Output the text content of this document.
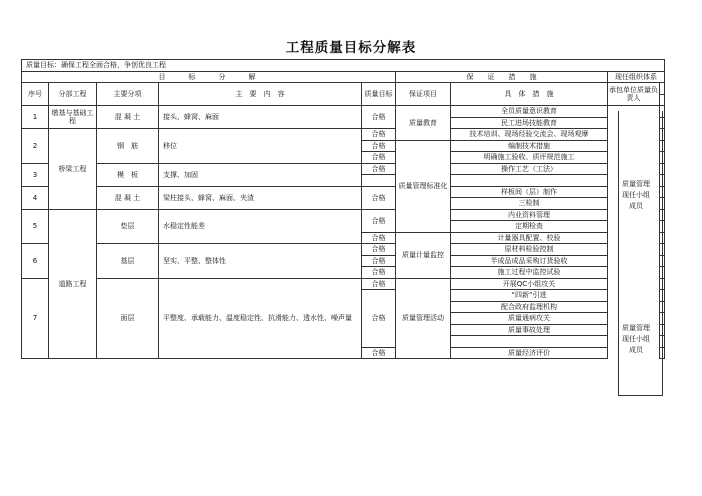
工程质量目标分解表
质量目标：确保工程全面合格，争创优良工程								
目　　标　　分　　解					保　　证　　措　　施		现任组织体系	
序号	分部工程	主要分项	主　要　内　容	质量目标	保证项目	具　体　措　施	承包单位质量负责人	

1	墩基与基础工程	混 凝 土	接头、蜂窝、麻面	合格	质量教育	全员质量意识教育		
						民工进场技能教育		
2	桥梁工程	钢　筋	移位	合格		技术培训、现场经验交流会、现场观摩		
				合格	质量管理标准化	编制技术措施		
				合格		明确施工验收、质评规范施工		
3		模　板	支撑、加固	合格		操作工艺（工法）		

4		混 凝 土	梁柱接头、蜂窝、麻面、夹渣	合格		样板间（层）制作		
						三检制		
5	道路工程	垫层	水稳定性能差	合格		内业资料管理		
						定期检查		
				合格	质量计量监控	计量器具配置、校验		
6		基层	坚实、平整、整体性	合格		原材料检验控制		
				合格		半成品成品采购订货验收		
				合格		施工过程中监控试验		
7		面层	平整度、承载能力、温度稳定性、抗滑能力、透水性、噪声量	合格	质量管理活动	开展QC小组攻关		
				合格		“四新”引进		
						配合政府监理机构		
						质量通病攻关		
						质量事故处理		

				合格		质量经济评价		
质量管理现任小组成员
质量管理现任小组成员
